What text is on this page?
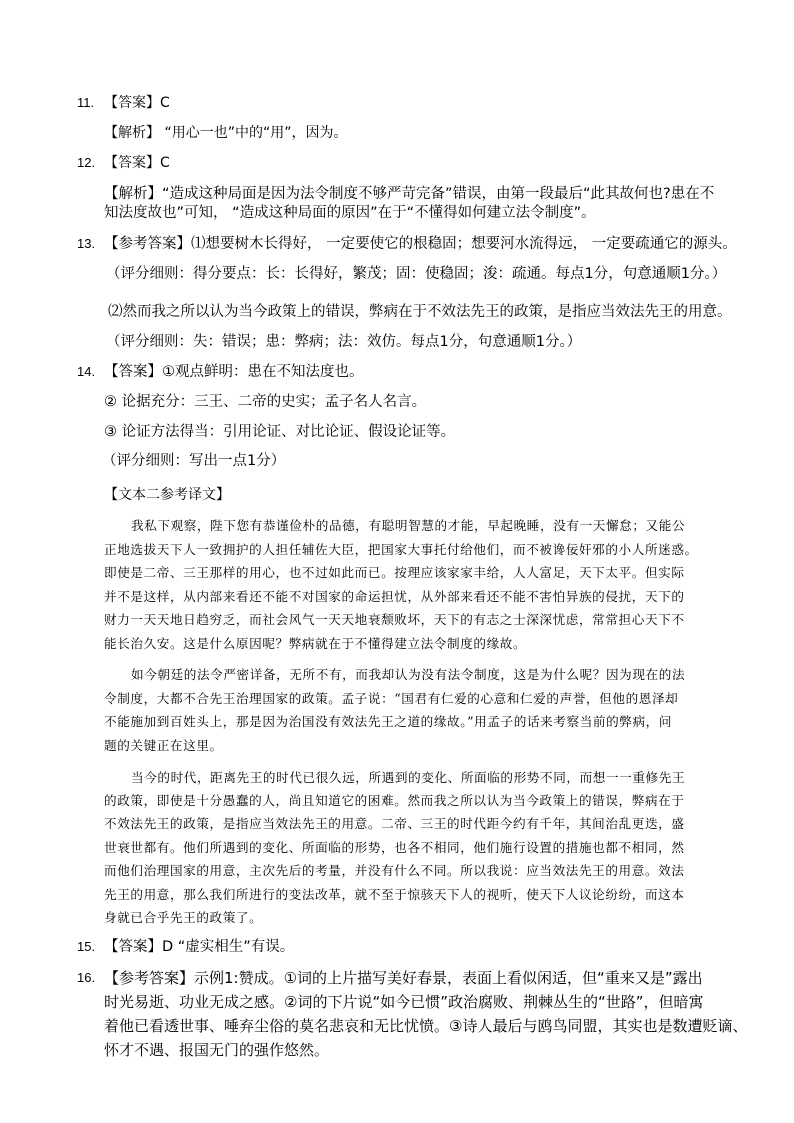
11. 【答案】C
【解析】 “用心一也”中的“用”，因为。
12. 【答案】C
【解析】“造成这种局面是因为法令制度不够严苛完备”错误，由第一段最后“此其故何也?患在不
知法度故也”可知， “造成这种局面的原因”在于“不懂得如何建立法令制度”。
13. 【参考答案】⑴想要树木长得好， 一定要使它的根稳固；想要河水流得远， 一定要疏通它的源头。
（评分细则：得分要点：长：长得好，繁茂；固：使稳固；浚：疏通。每点1分，句意通顺1分。）
⑵然而我之所以认为当今政策上的错误，弊病在于不效法先王的政策，是指应当效法先王的用意。
（评分细则：失：错误；患：弊病；法：效仿。每点1分，句意通顺1分。）
14. 【答案】①观点鲜明：患在不知法度也。
② 论据充分：三王、二帝的史实；孟子名人名言。
③ 论证方法得当：引用论证、对比论证、假设论证等。
（评分细则：写出一点1分）
【文本二参考译文】
我私下观察，陛下您有恭谨俭朴的品德，有聪明智慧的才能，早起晚睡，没有一天懈怠；又能公
正地选拔天下人一致拥护的人担任辅佐大臣，把国家大事托付给他们，而不被谗佞奸邪的小人所迷惑。
即使是二帝、三王那样的用心，也不过如此而已。按理应该家家丰给，人人富足，天下太平。但实际
并不是这样，从内部来看还不能不对国家的命运担忧，从外部来看还不能不害怕异族的侵扰，天下的
财力一天天地日趋穷乏，而社会风气一天天地衰颓败坏，天下的有志之士深深忧虑，常常担心天下不
能长治久安。这是什么原因呢？弊病就在于不懂得建立法令制度的缘故。
如今朝廷的法令严密详备，无所不有，而我却认为没有法令制度，这是为什么呢？因为现在的法
令制度，大都不合先王治理国家的政策。孟子说：“国君有仁爱的心意和仁爱的声誉，但他的恩泽却
不能施加到百姓头上，那是因为治国没有效法先王之道的缘故。”用孟子的话来考察当前的弊病，问
题的关键正在这里。
当今的时代，距离先王的时代已很久远，所遇到的变化、所面临的形势不同，而想一一重修先王
的政策，即使是十分愚蠢的人，尚且知道它的困难。然而我之所以认为当今政策上的错误，弊病在于
不效法先王的政策，是指应当效法先王的用意。二帝、三王的时代距今约有千年，其间治乱更迭，盛
世衰世都有。他们所遇到的变化、所面临的形势，也各不相同，他们施行设置的措施也都不相同，然
而他们治理国家的用意，主次先后的考量，并没有什么不同。所以我说：应当效法先王的用意。效法
先王的用意，那么我们所进行的变法改革，就不至于惊骇天下人的视听，使天下人议论纷纷，而这本
身就已合乎先王的政策了。
15. 【答案】D “虚实相生”有误。
16. 【参考答案】示例1:赞成。①词的上片描写美好春景，表面上看似闲适，但“重来又是”露出
时光易逝、功业无成之感。②词的下片说“如今已惯”政治腐败、荆棘丛生的“世路”，但暗寓
着他已看透世事、唾弃尘俗的莫名悲哀和无比忧愤。③诗人最后与鸥鸟同盟，其实也是数遭贬谪、
怀才不遇、报国无门的强作悠然。
